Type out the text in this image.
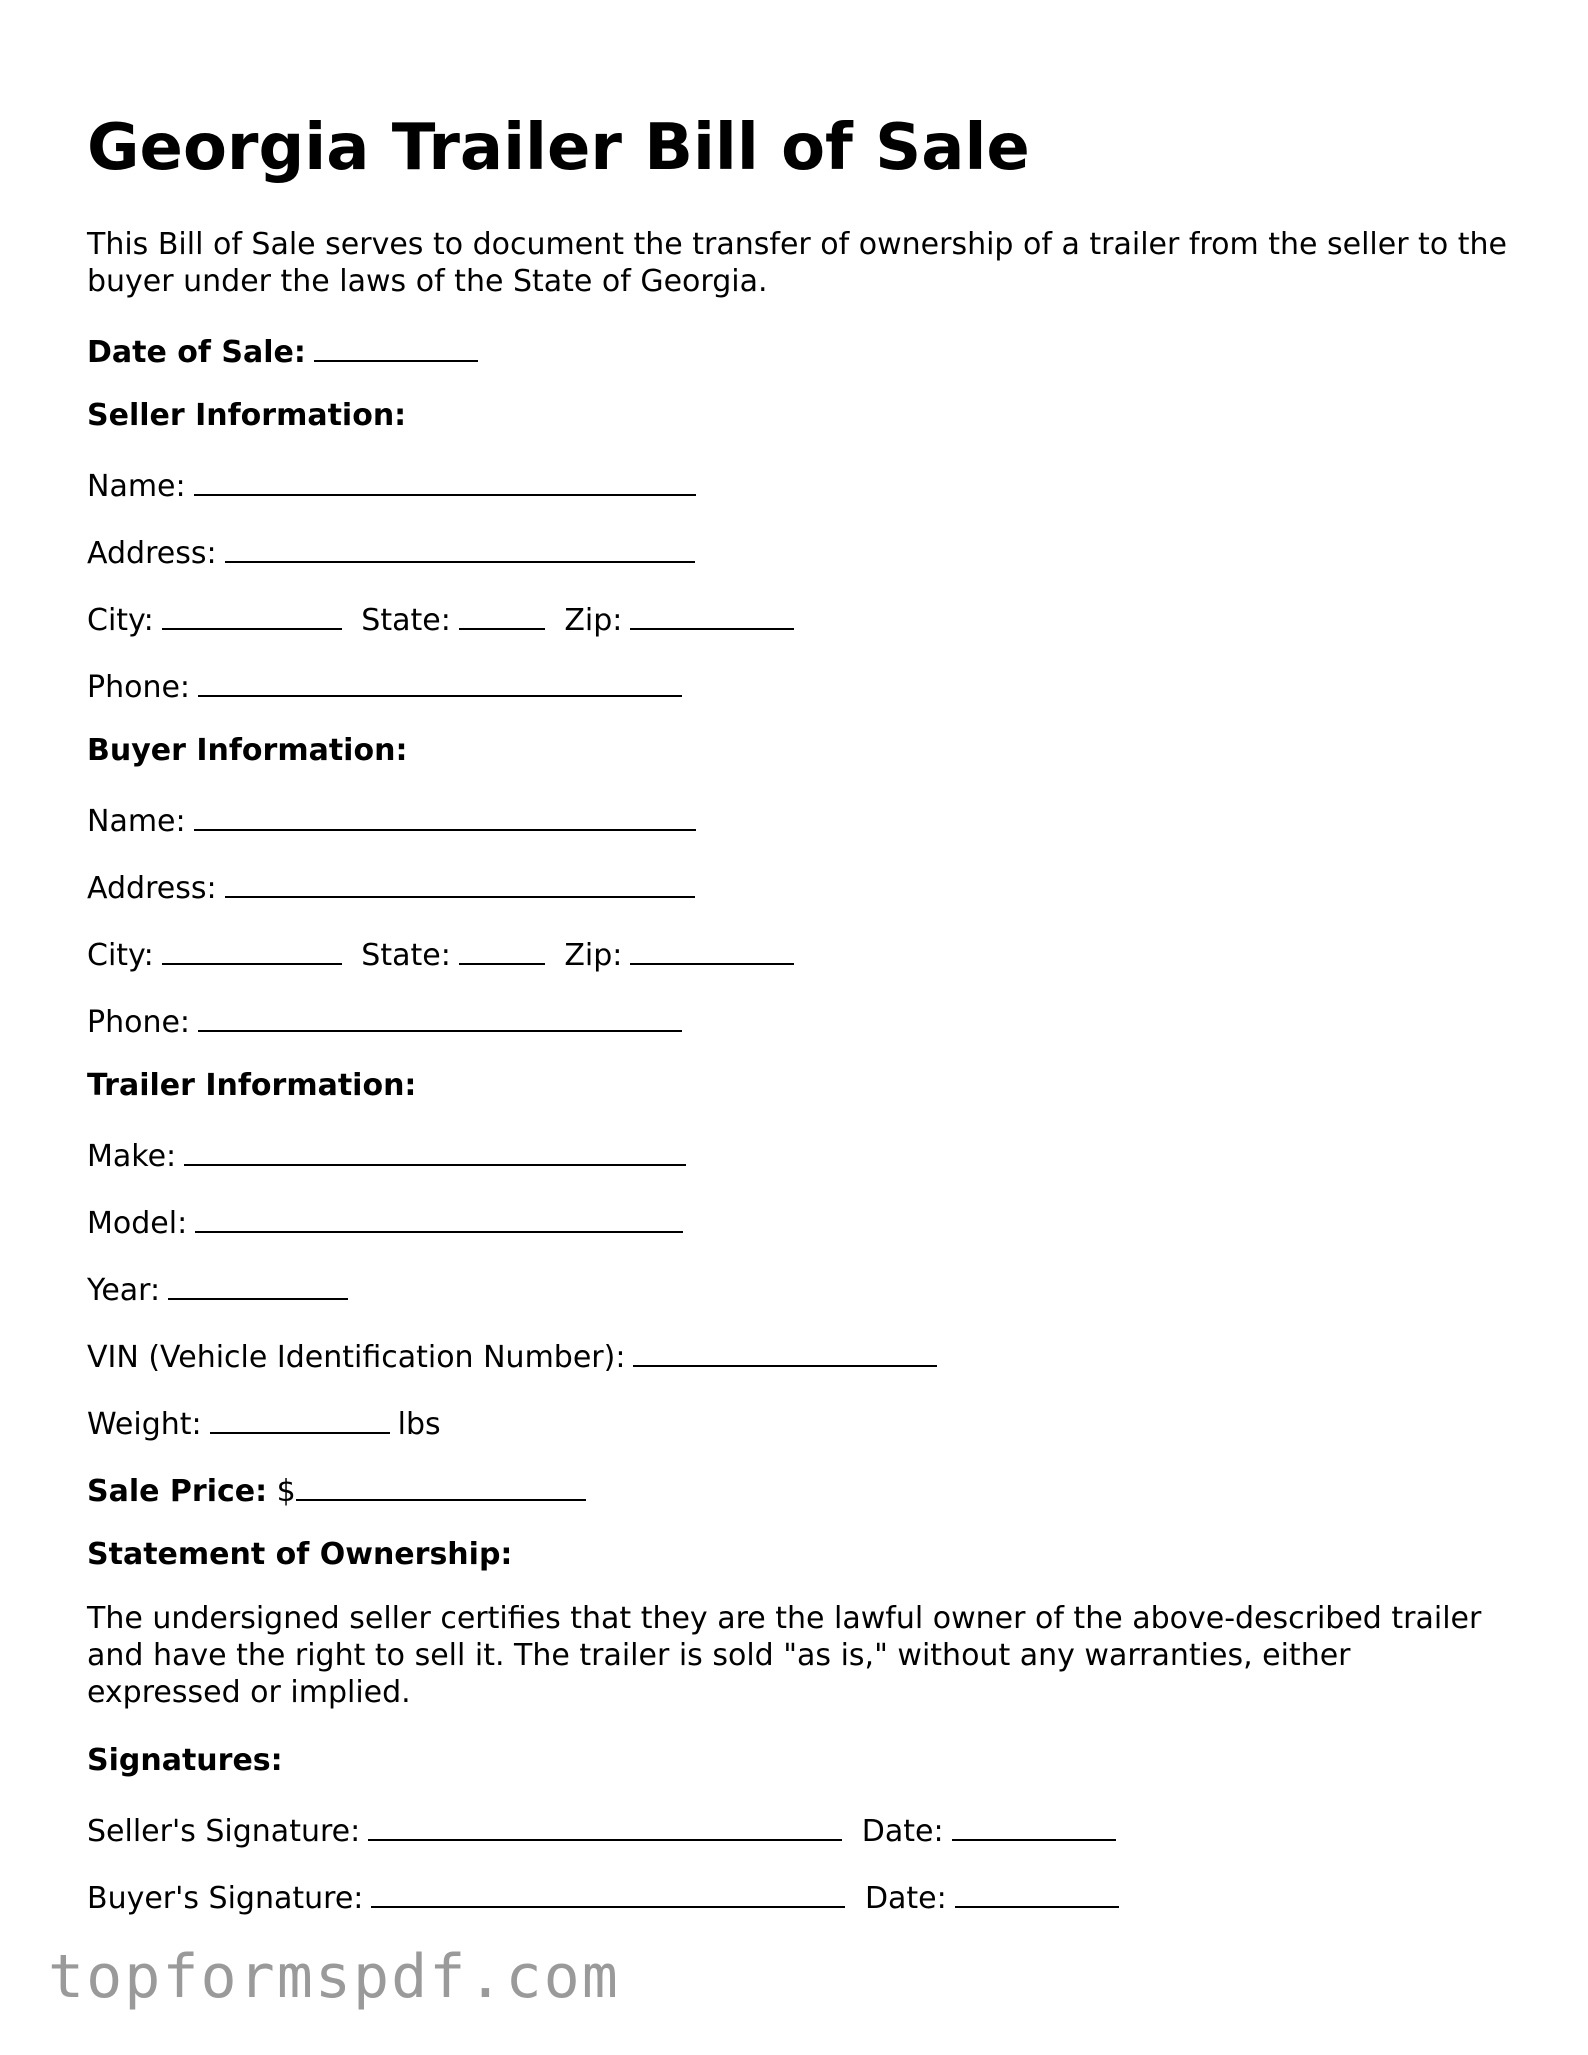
Georgia Trailer Bill of Sale

This Bill of Sale serves to document the transfer of ownership of a trailer from the seller to the buyer under the laws of the State of Georgia.

Date of Sale:
Seller Information:
Name:
Address:
City:	State:	Zip:
Phone:
Buyer Information:
Name:
Address:
City:	State:	Zip:
Phone:
Trailer Information:
Make:
Model:
Year:
VIN (Vehicle Identification Number):
Weight:	lbs
Sale Price: $
Statement of Ownership:

The undersigned seller certifies that they are the lawful owner of the above-described trailer and have the right to sell it. The trailer is sold "as is," without any warranties, either expressed or implied.

Signatures:
Seller's Signature:	Date:
Buyer's Signature:	Date:
topformspdf.com
